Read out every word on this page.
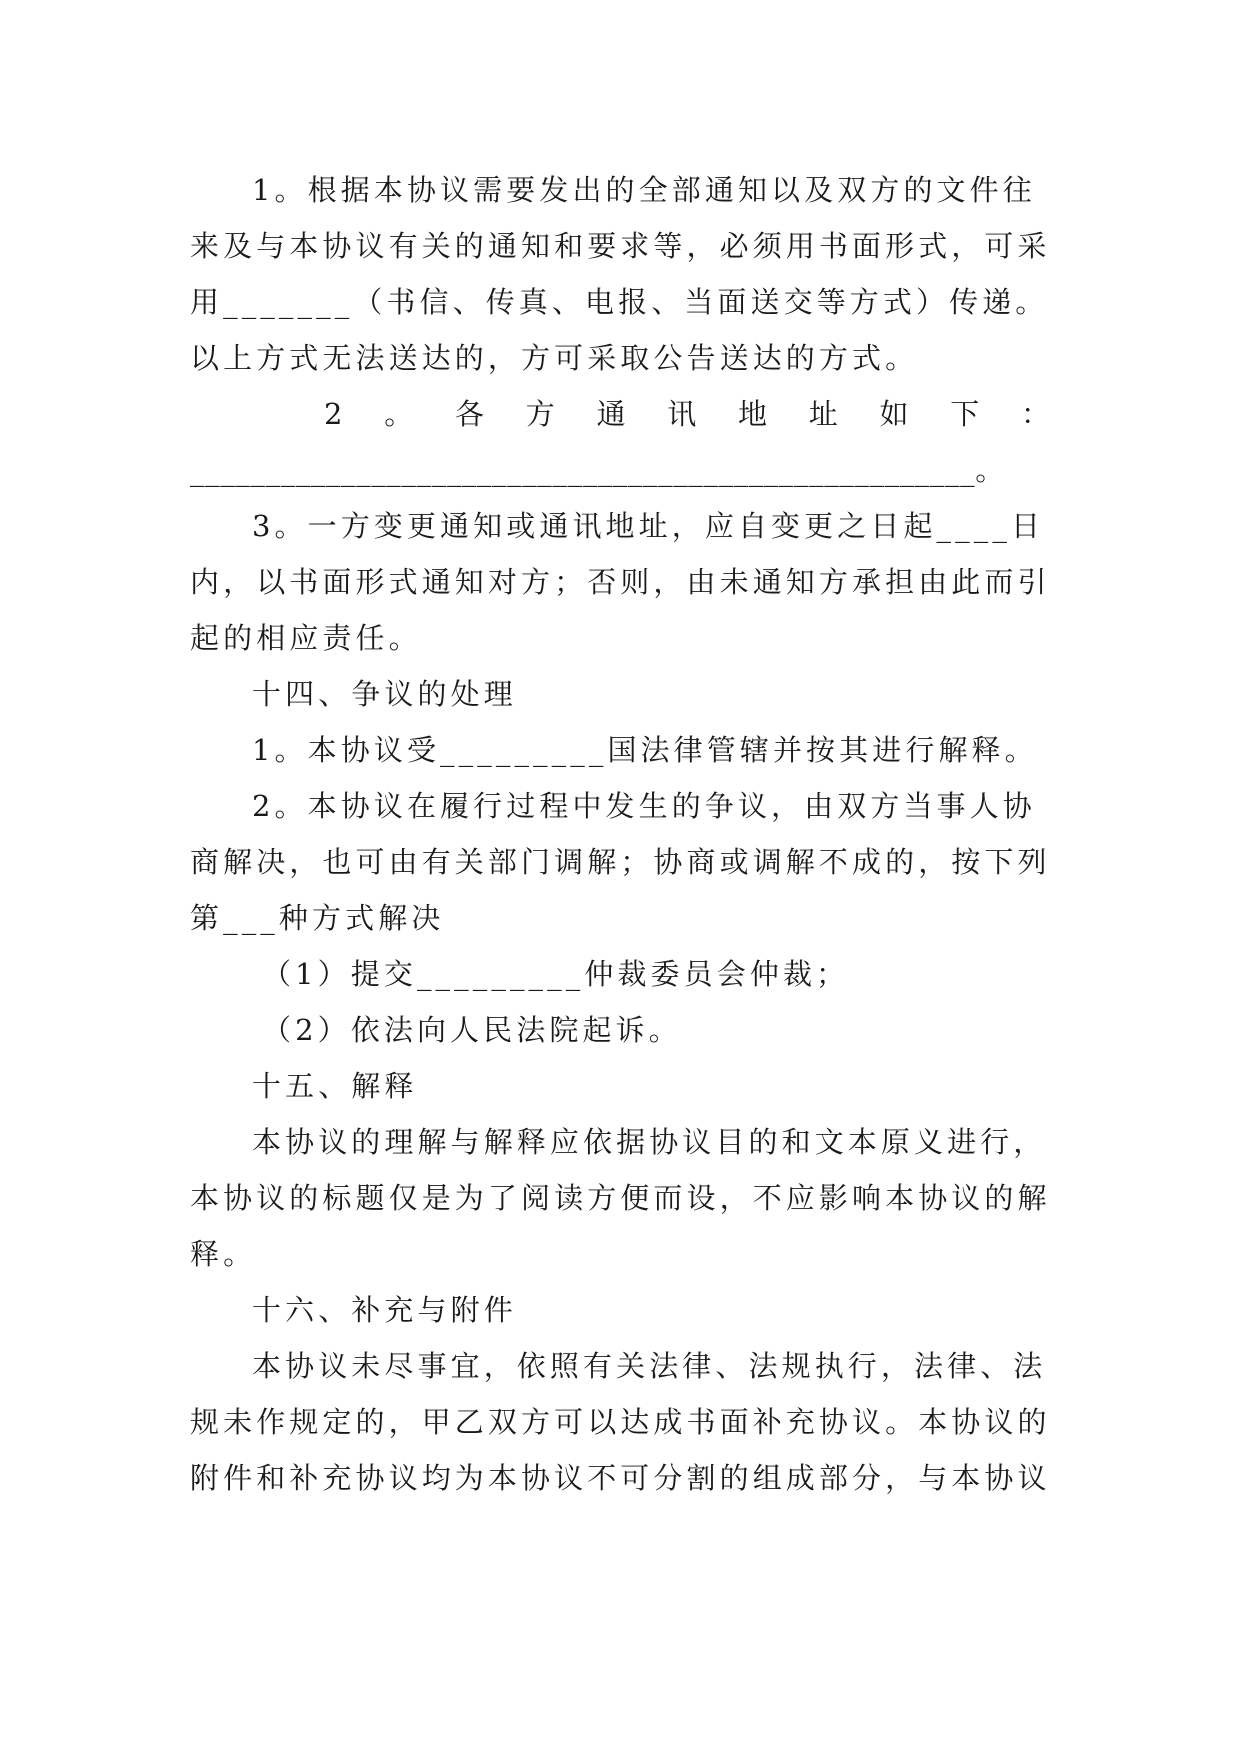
1。根据本协议需要发出的全部通知以及双方的文件往
来及与本协议有关的通知和要求等，必须用书面形式，可采
用_______（书信、传真、电报、当面送交等方式）传递。
以上方式无法送达的，方可采取公告送达的方式。
2 。 各 方 通 讯 地 址 如 下 ：
____________________________________________________。
3。一方变更通知或通讯地址，应自变更之日起____日
内，以书面形式通知对方；否则，由未通知方承担由此而引
起的相应责任。
十四、争议的处理
1。本协议受_________国法律管辖并按其进行解释。
2。本协议在履行过程中发生的争议，由双方当事人协
商解决，也可由有关部门调解；协商或调解不成的，按下列
第___种方式解决
（1）提交_________仲裁委员会仲裁；
（2）依法向人民法院起诉。
十五、解释
本协议的理解与解释应依据协议目的和文本原义进行，
本协议的标题仅是为了阅读方便而设，不应影响本协议的解
释。
十六、补充与附件
本协议未尽事宜，依照有关法律、法规执行，法律、法
规未作规定的，甲乙双方可以达成书面补充协议。本协议的
附件和补充协议均为本协议不可分割的组成部分，与本协议
